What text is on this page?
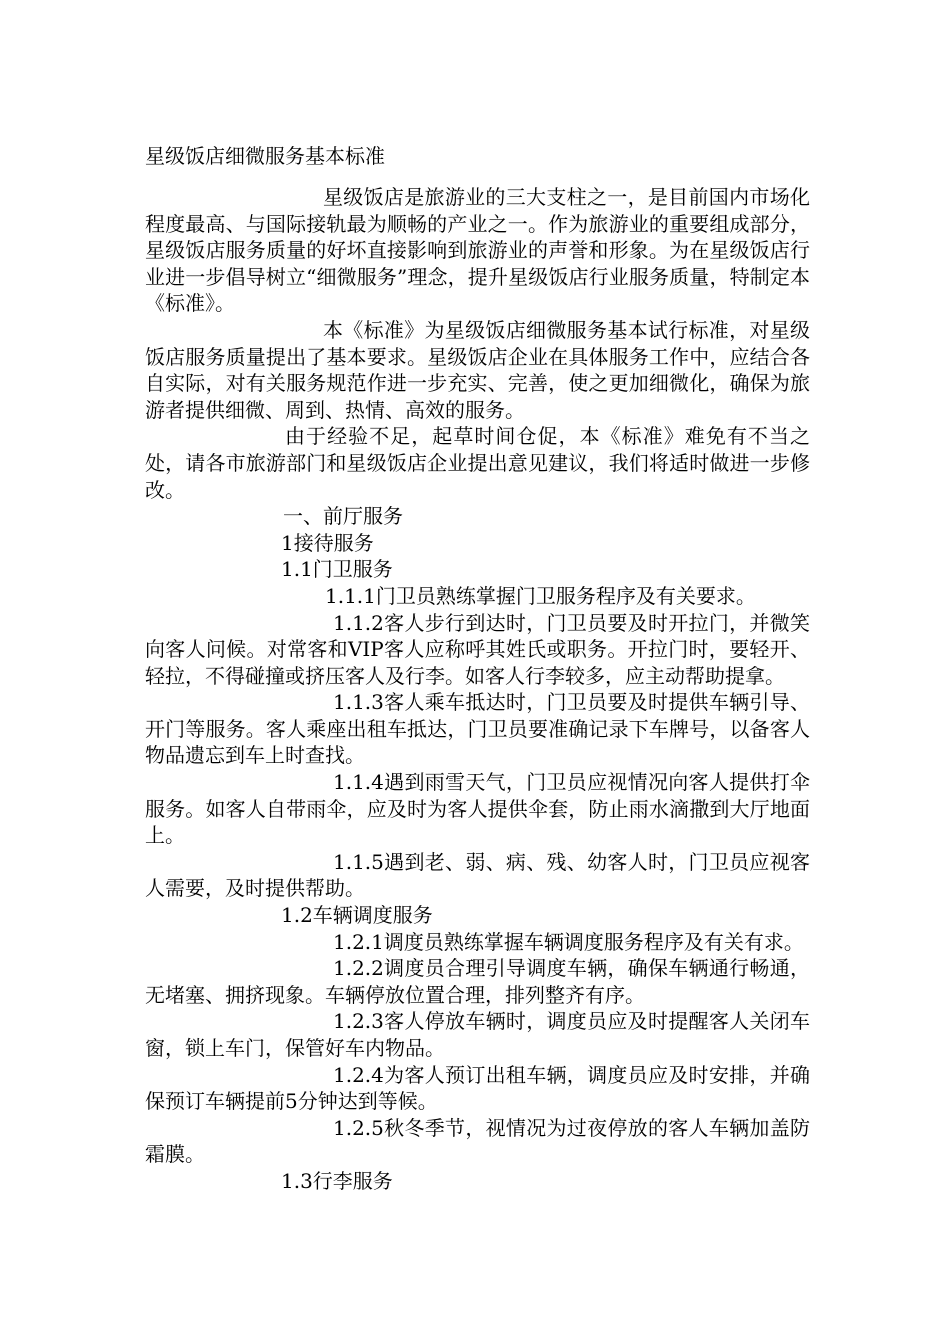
星级饭店细微服务基本标准

星级饭店是旅游业的三大支柱之一，是目前国内市场化程度最高、与国际接轨最为顺畅的产业之一。作为旅游业的重要组成部分，星级饭店服务质量的好坏直接影响到旅游业的声誉和形象。为在星级饭店行业进一步倡导树立“细微服务”理念，提升星级饭店行业服务质量，特制定本《标准》。

本《标准》为星级饭店细微服务基本试行标准，对星级饭店服务质量提出了基本要求。星级饭店企业在具体服务工作中，应结合各自实际，对有关服务规范作进一步充实、完善，使之更加细微化，确保为旅游者提供细微、周到、热情、高效的服务。

由于经验不足，起草时间仓促，本《标准》难免有不当之处，请各市旅游部门和星级饭店企业提出意见建议，我们将适时做进一步修改。

一、前厅服务

1接待服务

1.1门卫服务

1.1.1门卫员熟练掌握门卫服务程序及有关要求。

1.1.2客人步行到达时，门卫员要及时开拉门，并微笑向客人问候。对常客和VIP客人应称呼其姓氏或职务。开拉门时，要轻开、轻拉，不得碰撞或挤压客人及行李。如客人行李较多，应主动帮助提拿。

1.1.3客人乘车抵达时，门卫员要及时提供车辆引导、开门等服务。客人乘座出租车抵达，门卫员要准确记录下车牌号，以备客人物品遗忘到车上时查找。

1.1.4遇到雨雪天气，门卫员应视情况向客人提供打伞服务。如客人自带雨伞，应及时为客人提供伞套，防止雨水滴撒到大厅地面上。

1.1.5遇到老、弱、病、残、幼客人时，门卫员应视客人需要，及时提供帮助。

1.2车辆调度服务

1.2.1调度员熟练掌握车辆调度服务程序及有关有求。

1.2.2调度员合理引导调度车辆，确保车辆通行畅通，无堵塞、拥挤现象。车辆停放位置合理，排列整齐有序。

1.2.3客人停放车辆时，调度员应及时提醒客人关闭车窗，锁上车门，保管好车内物品。

1.2.4为客人预订出租车辆，调度员应及时安排，并确保预订车辆提前5分钟达到等候。

1.2.5秋冬季节，视情况为过夜停放的客人车辆加盖防霜膜。

1.3行李服务
